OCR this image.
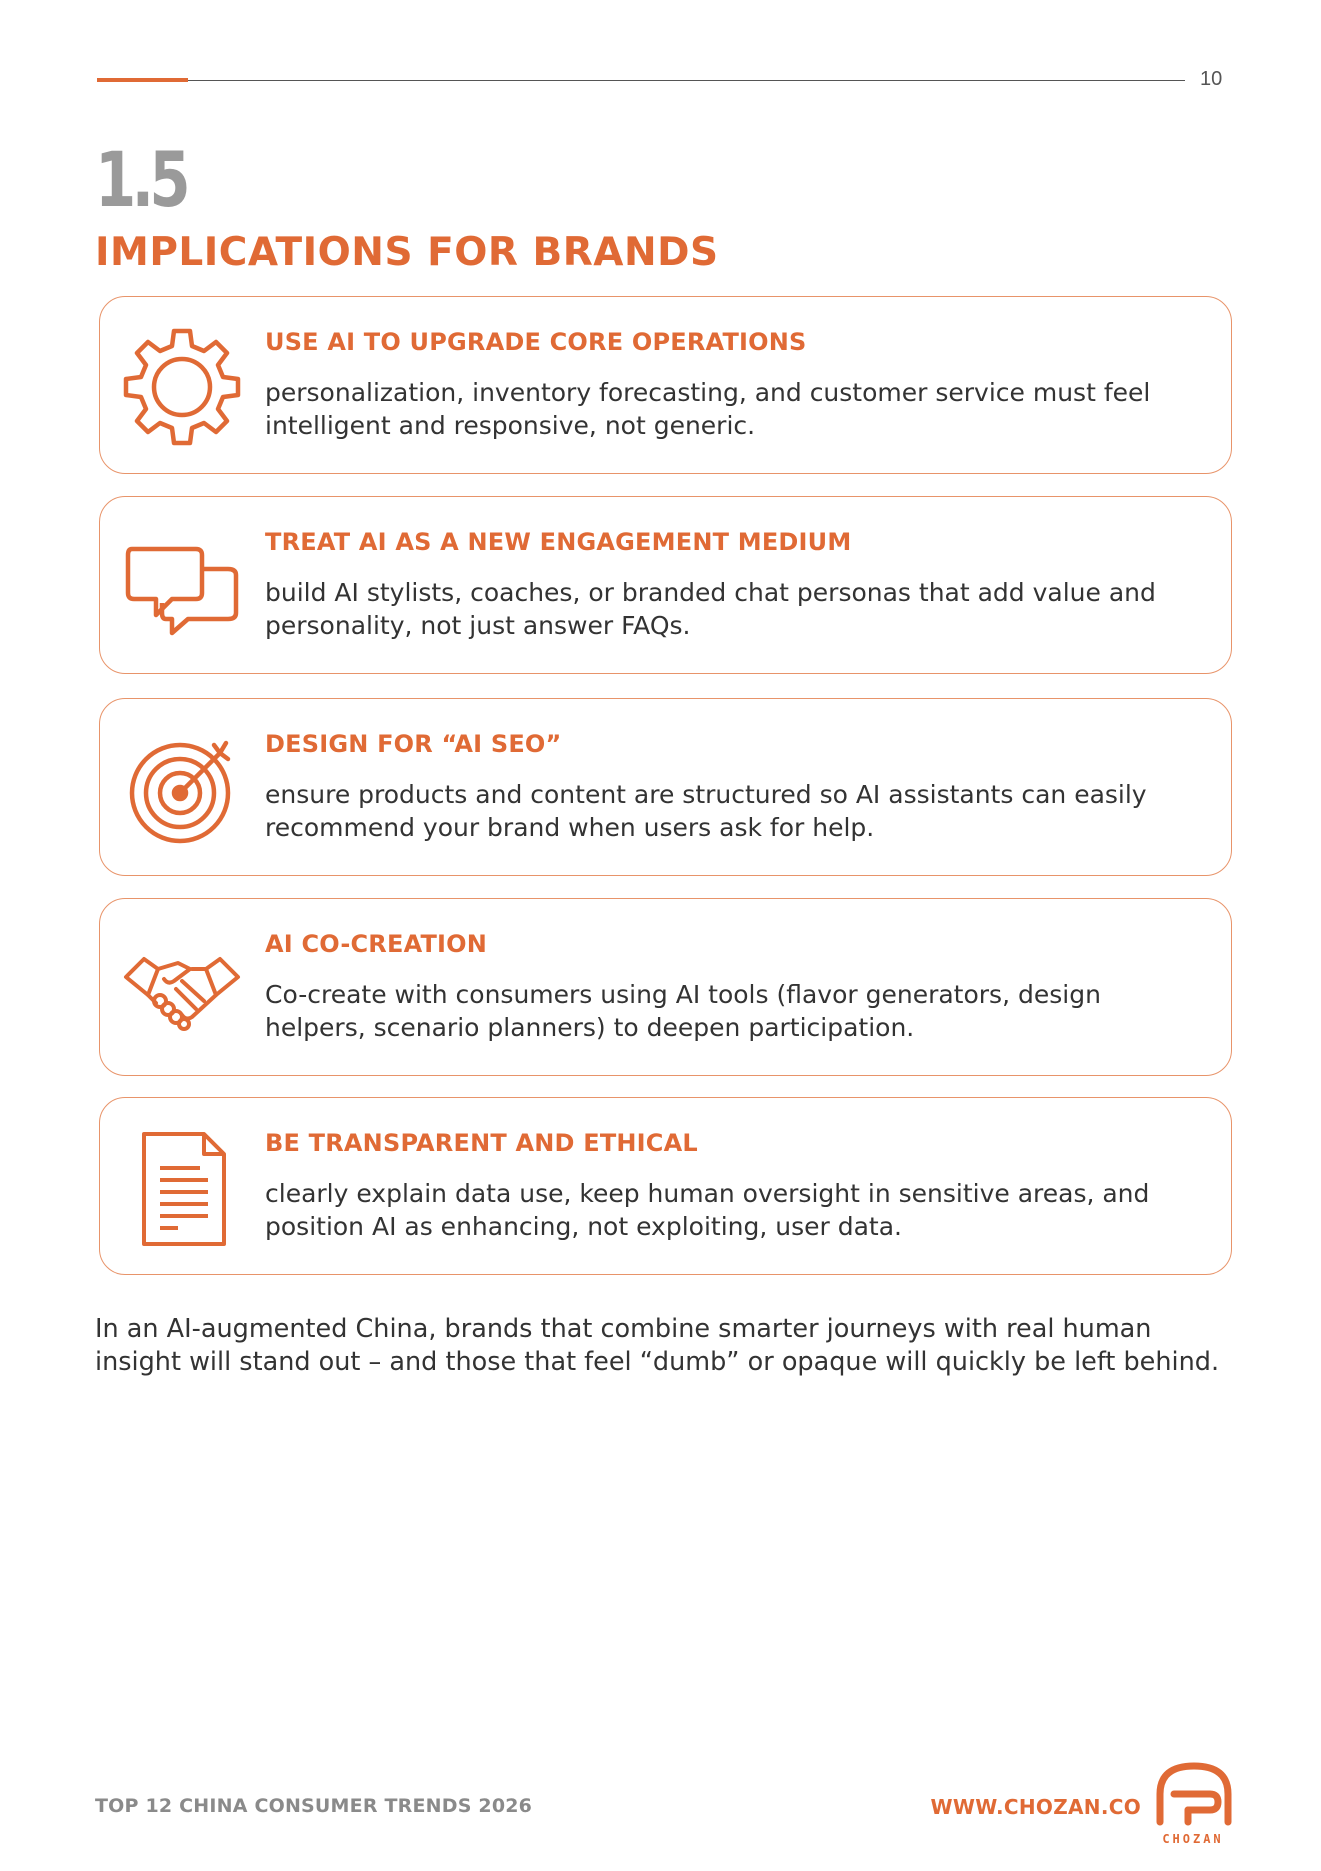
10
1.5
IMPLICATIONS FOR BRANDS
USE AI TO UPGRADE CORE OPERATIONS
personalization, inventory forecasting, and customer service must feel intelligent and responsive, not generic.
TREAT AI AS A NEW ENGAGEMENT MEDIUM
build AI stylists, coaches, or branded chat personas that add value and personality, not just answer FAQs.
DESIGN FOR “AI SEO”
ensure products and content are structured so AI assistants can easily recommend your brand when users ask for help.
AI CO-CREATION
Co-create with consumers using AI tools (flavor generators, design helpers, scenario planners) to deepen participation.
BE TRANSPARENT AND ETHICAL
clearly explain data use, keep human oversight in sensitive areas, and position AI as enhancing, not exploiting, user data.
In an AI-augmented China, brands that combine smarter journeys with real human insight will stand out – and those that feel “dumb” or opaque will quickly be left behind.
TOP 12 CHINA CONSUMER TRENDS 2026	WWW.CHOZAN.CO
CHOZAN
